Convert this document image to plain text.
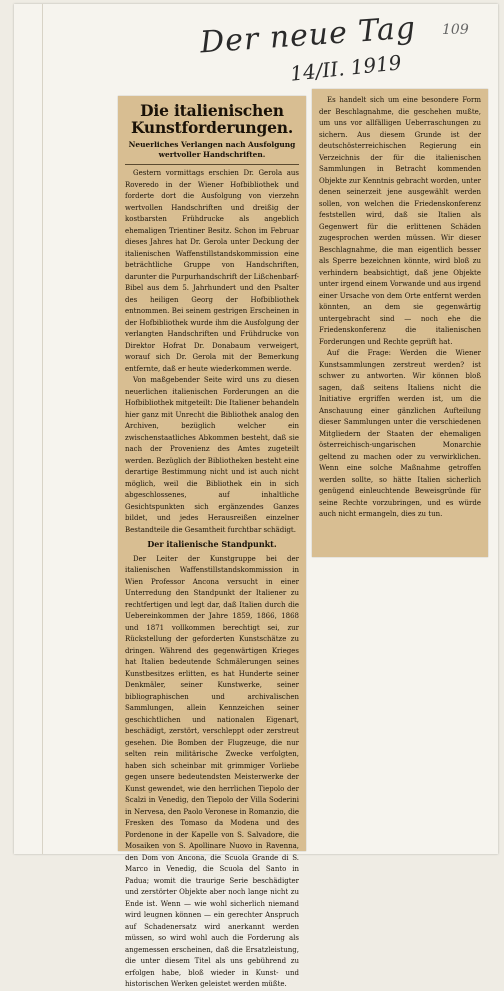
Der neue Tag
14/II. 1919
109
Die italienischen Kunstforderungen.
Neuerliches Verlangen nach Ausfolgung wertvoller Handschriften.

Gestern vormittags erschien Dr. Gerola aus Roveredo in der Wiener Hofbibliothek und forderte dort die Ausfolgung von vierzehn wertvollen Handschriften und dreißig der kostbarsten Frühdrucke als angeblich ehemaligen Trientiner Besitz. Schon im Februar dieses Jahres hat Dr. Gerola unter Deckung der italienischen Waffenstillstandskommission eine beträchtliche Gruppe von Handschriften, darunter die Purpurhandschrift der Lißchenbarf-Bibel aus dem 5. Jahrhundert und den Psalter des heiligen Georg der Hofbibliothek entnommen. Bei seinem gestrigen Erscheinen in der Hofbibliothek wurde ihm die Ausfolgung der verlangten Handschriften und Frühdrucke von Direktor Hofrat Dr. Donabaum verweigert, worauf sich Dr. Gerola mit der Bemerkung entfernte, daß er heute wiederkommen werde.

Von maßgebender Seite wird uns zu diesen neuerlichen italienischen Forderungen an die Hofbibliothek mitgeteilt: Die Italiener behandeln hier ganz mit Unrecht die Bibliothek analog den Archiven, bezüglich welcher ein zwischenstaatliches Abkommen besteht, daß sie nach der Provenienz des Amtes zugeteilt werden. Bezüglich der Bibliotheken besteht eine derartige Bestimmung nicht und ist auch nicht möglich, weil die Bibliothek ein in sich abgeschlossenes, auf inhaltliche Gesichtspunkten sich ergänzendes Ganzes bildet, und jedes Herausreißen einzelner Bestandteile die Gesamtheit furchtbar schädigt.

Der italienische Standpunkt.

Der Leiter der Kunstgruppe bei der italienischen Waffenstillstandskommission in Wien Professor Ancona versucht in einer Unterredung den Standpunkt der Italiener zu rechtfertigen und legt dar, daß Italien durch die Uebereinkommen der Jahre 1859, 1866, 1868 und 1871 vollkommen berechtigt sei, zur Rückstellung der geforderten Kunstschätze zu dringen. Während des gegenwärtigen Krieges hat Italien bedeutende Schmälerungen seines Kunstbesitzes erlitten, es hat Hunderte seiner Denkmäler, seiner Kunstwerke, seiner bibliographischen und archivalischen Sammlungen, allein Kennzeichen seiner geschichtlichen und nationalen Eigenart, beschädigt, zerstört, verschleppt oder zerstreut gesehen. Die Bomben der Flugzeuge, die nur selten rein militärische Zwecke verfolgten, haben sich scheinbar mit grimmiger Vorliebe gegen unsere bedeutendsten Meisterwerke der Kunst gewendet, wie den herrlichen Tiepolo der Scalzi in Venedig, den Tiepolo der Villa Soderini in Nervesa, den Paolo Veronese in Romanzio, die Fresken des Tomaso da Modena und des Pordenone in der Kapelle von S. Salvadore, die Mosaiken von S. Apollinare Nuovo in Ravenna, den Dom von Ancona, die Scuola Grande di S. Marco in Venedig, die Scuola del Santo in Padua; womit die traurige Serie beschädigter und zerstörter Objekte aber noch lange nicht zu Ende ist. Wenn — wie wohl sicherlich niemand wird leugnen können — ein gerechter Anspruch auf Schadenersatz wird anerkannt werden müssen, so wird wohl auch die Forderung als angemessen erscheinen, daß die Ersatzleistung, die unter diesem Titel als uns gebührend zu erfolgen habe, bloß wieder in Kunst- und historischen Werken geleistet werden müßte.

Es handelt sich um eine besondere Form der Beschlagnahme, die geschehen mußte, um uns vor allfälligen Ueberraschungen zu sichern. Aus diesem Grunde ist der deutschösterreichischen Regierung ein Verzeichnis der für die italienischen Sammlungen in Betracht kommenden Objekte zur Kenntnis gebracht worden, unter denen seinerzeit jene ausgewählt werden sollen, von welchen die Friedenskonferenz feststellen wird, daß sie Italien als Gegenwert für die erlittenen Schäden zugesprochen werden müssen. Wir dieser Beschlagnahme, die man eigentlich besser als Sperre bezeichnen könnte, wird bloß zu verhindern beabsichtigt, daß jene Objekte unter irgend einem Vorwande und aus irgend einer Ursache von dem Orte entfernt werden könnten, an dem sie gegenwärtig untergebracht sind — noch ehe die Friedenskonferenz die italienischen Forderungen und Rechte geprüft hat.

Auf die Frage: Werden die Wiener Kunstsammlungen zerstreut werden? ist schwer zu antworten. Wir können bloß sagen, daß seitens Italiens nicht die Initiative ergriffen werden ist, um die Anschauung einer gänzlichen Aufteilung dieser Sammlungen unter die verschiedenen Mitgliedern der Staaten der ehemaligen österreichisch-ungarischen Monarchie geltend zu machen oder zu verwirklichen. Wenn eine solche Maßnahme getroffen werden sollte, so hätte Italien sicherlich genügend einleuchtende Beweisgründe für seine Rechte vorzubringen, und es würde auch nicht ermangeln, dies zu tun.
